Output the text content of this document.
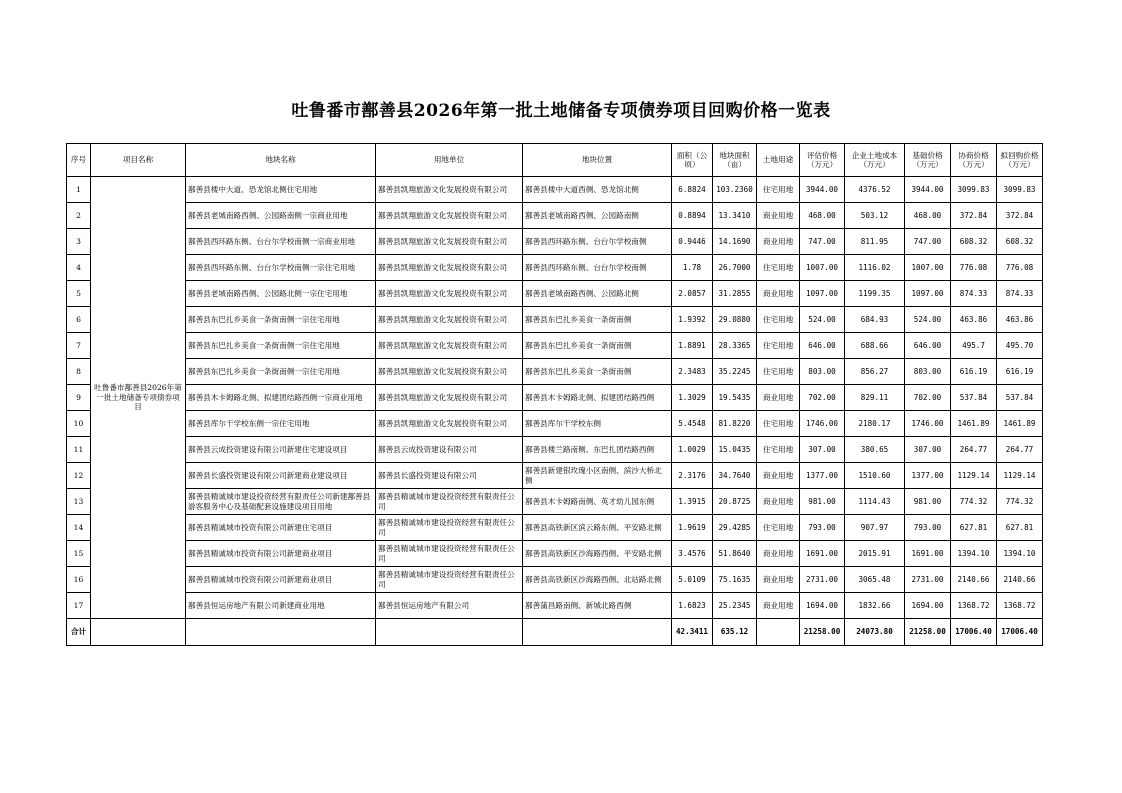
吐鲁番市鄯善县2026年第一批土地储备专项债券项目回购价格一览表
序号	项目名称	地块名称	用地单位	地块位置	面积（公顷）	地块面积（亩）	土地用途	评估价格（万元）	企业土地成本（万元）	基础价格（万元）	协商价格（万元）	拟回购价格（万元）
1	吐鲁番市鄯善县2026年第一批土地储备专项债券项目	鄯善县楼中大道、恐龙馆北侧住宅用地	鄯善县凯翔旅游文化发展投资有限公司	鄯善县楼中大道西侧、恐龙馆北侧	6.8824	103.2360	住宅用地	3944.00	4376.52	3944.00	3099.83	3099.83
2		鄯善县老城南路西侧、公园路南侧一宗商业用地	鄯善县凯翔旅游文化发展投资有限公司	鄯善县老城南路西侧、公园路南侧	0.8894	13.3410	商业用地	468.00	503.12	468.00	372.84	372.84
3		鄯善县西环路东侧、台台尔学校南侧一宗商业用地	鄯善县凯翔旅游文化发展投资有限公司	鄯善县西环路东侧、台台尔学校南侧	0.9446	14.1690	商业用地	747.00	811.95	747.00	608.32	608.32
4		鄯善县西环路东侧、台台尔学校南侧一宗住宅用地	鄯善县凯翔旅游文化发展投资有限公司	鄯善县西环路东侧、台台尔学校南侧	1.78	26.7000	住宅用地	1007.00	1116.02	1007.00	776.08	776.08
5		鄯善县老城南路西侧、公园路北侧一宗住宅用地	鄯善县凯翔旅游文化发展投资有限公司	鄯善县老城南路西侧、公园路北侧	2.0857	31.2855	商业用地	1097.00	1199.35	1097.00	874.33	874.33
6		鄯善县东巴扎乡美食一条街南侧一宗住宅用地	鄯善县凯翔旅游文化发展投资有限公司	鄯善县东巴扎乡美食一条街南侧	1.9392	29.0880	住宅用地	524.00	684.93	524.00	463.86	463.86
7		鄯善县东巴扎乡美食一条街南侧一宗住宅用地	鄯善县凯翔旅游文化发展投资有限公司	鄯善县东巴扎乡美食一条街南侧	1.8891	28.3365	住宅用地	646.00	688.66	646.00	495.7	495.70
8		鄯善县东巴扎乡美食一条街南侧一宗住宅用地	鄯善县凯翔旅游文化发展投资有限公司	鄯善县东巴扎乡美食一条街南侧	2.3483	35.2245	住宅用地	803.00	856.27	803.00	616.19	616.19
9		鄯善县木卡姆路北侧、拟建团结路西侧一宗商业用地	鄯善县凯翔旅游文化发展投资有限公司	鄯善县木卡姆路北侧、拟建团结路西侧	1.3029	19.5435	商业用地	702.00	829.11	702.00	537.84	537.84
10		鄯善县库尔干学校东侧一宗住宅用地	鄯善县凯翔旅游文化发展投资有限公司	鄯善县库尔干学校东侧	5.4548	81.8220	住宅用地	1746.00	2180.17	1746.00	1461.89	1461.89
11		鄯善县云成投资建设有限公司新建住宅建设项目	鄯善县云成投资建设有限公司	鄯善县楼兰路南侧、东巴扎团结路西侧	1.0029	15.0435	住宅用地	307.00	380.65	307.00	264.77	264.77
12		鄯善县长盛投资建设有限公司新建商业建设项目	鄯善县长盛投资建设有限公司	鄯善县新建银玫瑰小区南侧、滨沙大桥北侧	2.3176	34.7640	商业用地	1377.00	1510.60	1377.00	1129.14	1129.14
13		鄯善县精诚城市建设投资经营有限责任公司新建鄯善县游客服务中心及基础配套设施建设项目用地	鄯善县精诚城市建设投资经营有限责任公司	鄯善县木卡姆路南侧、英才幼儿园东侧	1.3915	20.8725	商业用地	981.00	1114.43	981.00	774.32	774.32
14		鄯善县精诚城市投资有限公司新建住宅项目	鄯善县精诚城市建设投资经营有限责任公司	鄯善县高铁新区滨云路东侧、平安路北侧	1.9619	29.4285	住宅用地	793.00	907.97	793.00	627.81	627.81
15		鄯善县精诚城市投资有限公司新建商业项目	鄯善县精诚城市建设投资经营有限责任公司	鄯善县高铁新区沙海路西侧、平安路北侧	3.4576	51.8640	商业用地	1691.00	2015.91	1691.00	1394.10	1394.10
16		鄯善县精诚城市投资有限公司新建商业项目	鄯善县精诚城市建设投资经营有限责任公司	鄯善县高铁新区沙海路西侧、北站路北侧	5.0109	75.1635	商业用地	2731.00	3065.48	2731.00	2140.66	2140.66
17		鄯善县恒运房地产有限公司新建商业用地	鄯善县恒运房地产有限公司	鄯善蒲昌路南侧、新城北路西侧	1.6823	25.2345	商业用地	1694.00	1832.66	1694.00	1368.72	1368.72
合计					42.3411	635.12		21258.00	24073.80	21258.00	17006.40	17006.40
